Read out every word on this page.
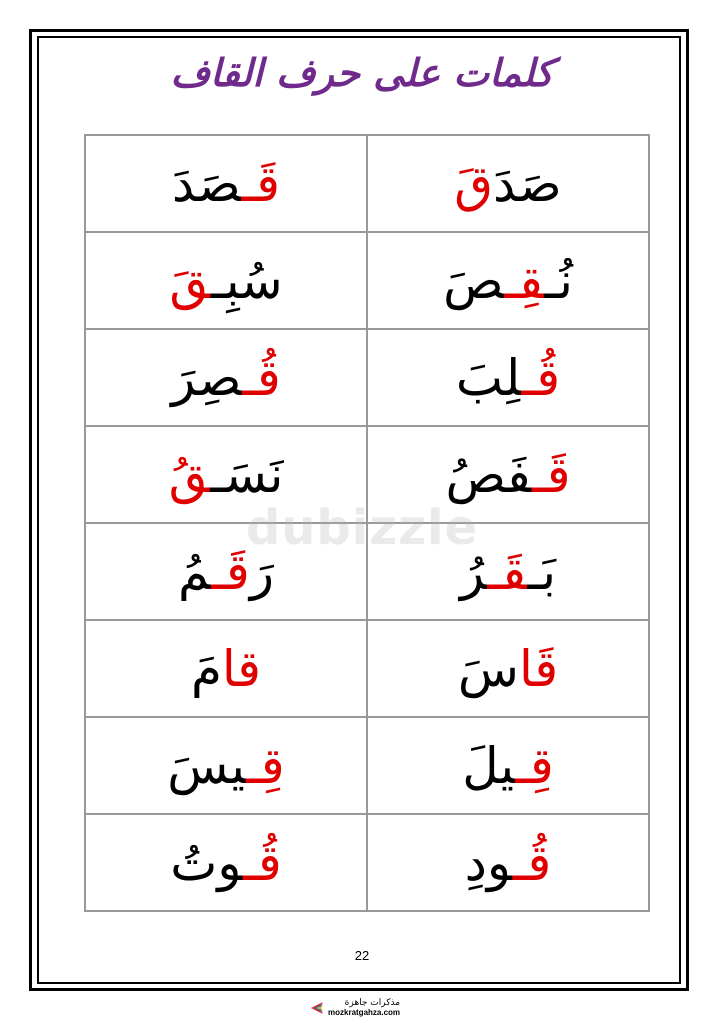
كلمات على حرف القاف
قَـصَدَ	صَدَقَ
سُبِـقَ	نُـقِـصَ
قُـصِرَ	قُـلِبَ
نَسَـقُ	قَـفَصُ
رَقَـمُ	بَـقَـرُ
قامَ	قَاسَ
قِـيسَ	قِـيلَ
قُـوتُ	قُـودِ
dubizzle
22
مذكرات جاهزة
mozkratgahza.com
